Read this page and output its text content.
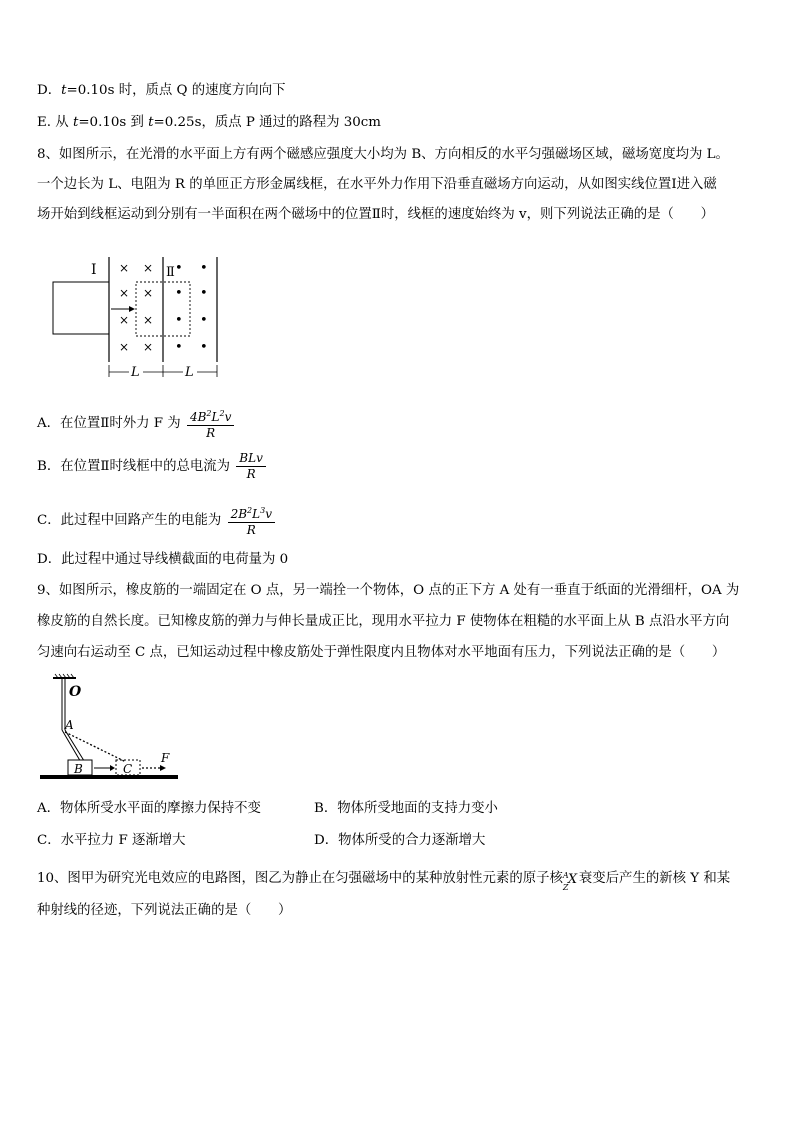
D．t=0.10s 时，质点 Q 的速度方向向下
E. 从 t=0.10s 到 t=0.25s，质点 P 通过的路程为 30cm
8、如图所示，在光滑的水平面上方有两个磁感应强度大小均为 B、方向相反的水平匀强磁场区域，磁场宽度均为 L。
一个边长为 L、电阻为 R 的单匝正方形金属线框，在水平外力作用下沿垂直磁场方向运动，从如图实线位置Ⅰ进入磁
场开始到线框运动到分别有一半面积在两个磁场中的位置Ⅱ时，线框的速度始终为 v，则下列说法正确的是（　　）
Ⅰ	Ⅱ
× ×
× ×
× ×
× ×
• •
• •
• •
• •
L	L
A．在位置Ⅱ时外力 F 为 $\frac{4B^2L^2v}{R}$
B．在位置Ⅱ时线框中的总电流为 $\frac{\text{BLv}}{R}$
C．此过程中回路产生的电能为 $\frac{2B^2L^3v}{R}$
D．此过程中通过导线横截面的电荷量为 0
9、如图所示，橡皮筋的一端固定在 O 点，另一端拴一个物体，O 点的正下方 A 处有一垂直于纸面的光滑细杆，OA 为
橡皮筋的自然长度。已知橡皮筋的弹力与伸长量成正比，现用水平拉力 F 使物体在粗糙的水平面上从 B 点沿水平方向
匀速向右运动至 C 点，已知运动过程中橡皮筋处于弹性限度内且物体对水平地面有压力，下列说法正确的是（　　）
O
A
B	C
F
A．物体所受水平面的摩擦力保持不变	B．物体所受地面的支持力变小
C．水平拉力 F 逐渐增大	D．物体所受的合力逐渐增大
10、图甲为研究光电效应的电路图，图乙为静止在匀强磁场中的某种放射性元素的原子核 A
Z
X 衰变后产生的新核 Y 和某
种射线的径迹，下列说法正确的是（　　）
